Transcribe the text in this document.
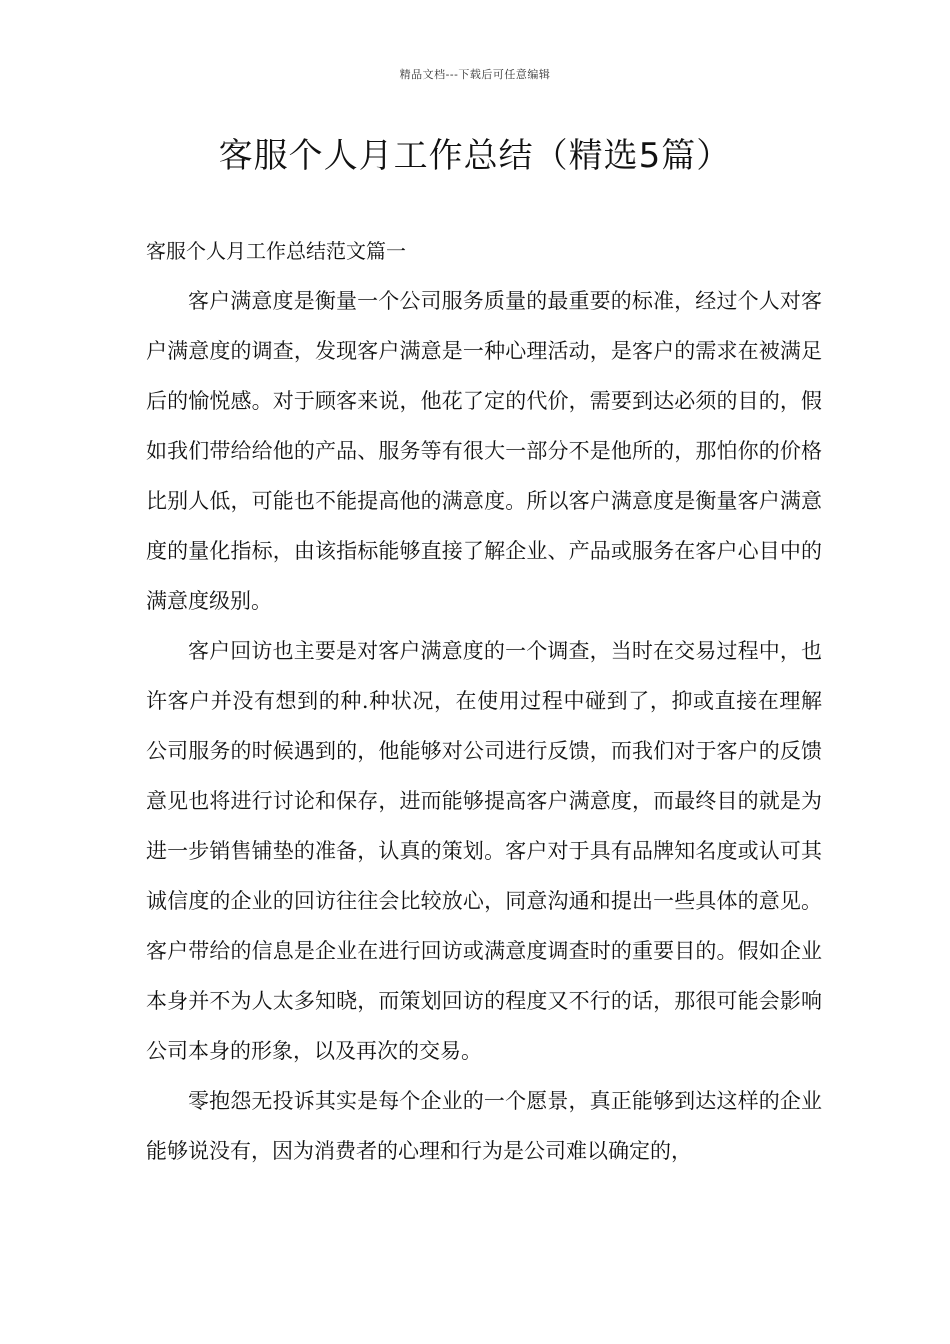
精品文档---下载后可任意编辑
客服个人月工作总结（精选5篇）

客服个人月工作总结范文篇一

客户满意度是衡量一个公司服务质量的最重要的标准，经过个人对客户满意度的调查，发现客户满意是一种心理活动，是客户的需求在被满足后的愉悦感。对于顾客来说，他花了定的代价，需要到达必须的目的，假如我们带给给他的产品、服务等有很大一部分不是他所的，那怕你的价格比别人低，可能也不能提高他的满意度。所以客户满意度是衡量客户满意度的量化指标，由该指标能够直接了解企业、产品或服务在客户心目中的满意度级别。

客户回访也主要是对客户满意度的一个调查，当时在交易过程中，也许客户并没有想到的种.种状况，在使用过程中碰到了，抑或直接在理解公司服务的时候遇到的，他能够对公司进行反馈，而我们对于客户的反馈意见也将进行讨论和保存，进而能够提高客户满意度，而最终目的就是为进一步销售铺垫的准备，认真的策划。客户对于具有品牌知名度或认可其诚信度的企业的回访往往会比较放心，同意沟通和提出一些具体的意见。客户带给的信息是企业在进行回访或满意度调查时的重要目的。假如企业本身并不为人太多知晓，而策划回访的程度又不行的话，那很可能会影响公司本身的形象，以及再次的交易。

零抱怨无投诉其实是每个企业的一个愿景，真正能够到达这样的企业能够说没有，因为消费者的心理和行为是公司难以确定的，
